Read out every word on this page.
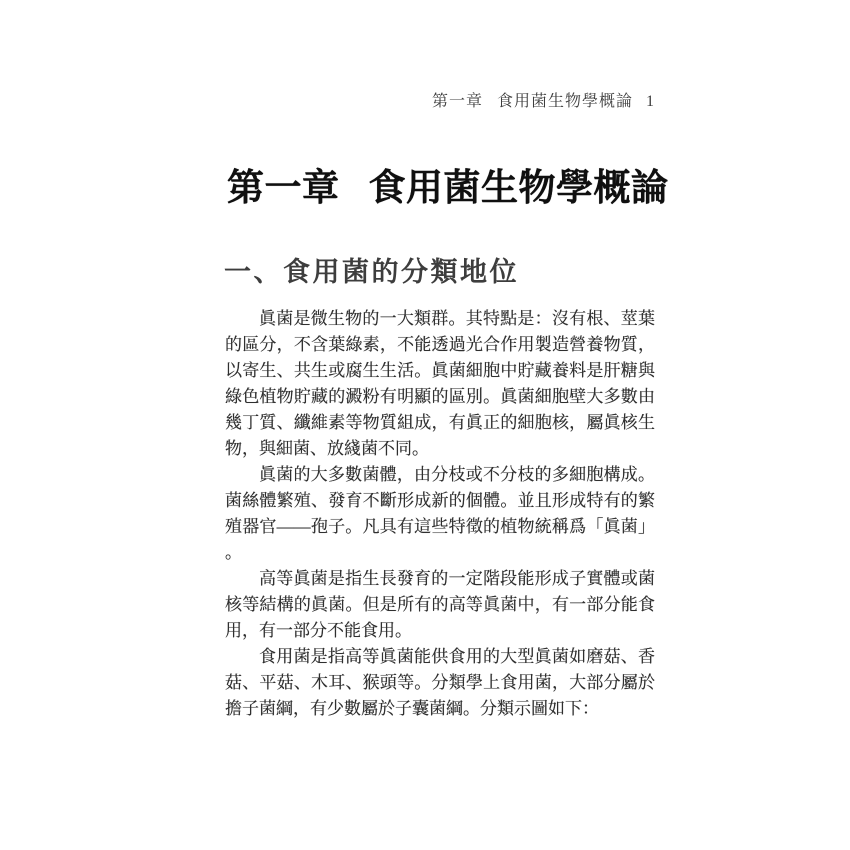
第一章 食用菌生物學概論 1
第一章 食用菌生物學概論
一、食用菌的分類地位
眞菌是微生物的一大類群。其特點是：沒有根、莖葉
的區分，不含葉綠素，不能透過光合作用製造營養物質，
以寄生、共生或腐生生活。眞菌細胞中貯藏養料是肝糖與
綠色植物貯藏的澱粉有明顯的區別。眞菌細胞壁大多數由
幾丁質、纖維素等物質組成，有眞正的細胞核，屬眞核生
物，與細菌、放綫菌不同。
眞菌的大多數菌體，由分枝或不分枝的多細胞構成。
菌絲體繁殖、發育不斷形成新的個體。並且形成特有的繁
殖器官——孢子。凡具有這些特徵的植物統稱爲「眞菌」
。
高等眞菌是指生長發育的一定階段能形成子實體或菌
核等結構的眞菌。但是所有的高等眞菌中，有一部分能食
用，有一部分不能食用。
食用菌是指高等眞菌能供食用的大型眞菌如磨菇、香
菇、平菇、木耳、猴頭等。分類學上食用菌，大部分屬於
擔子菌綱，有少數屬於子囊菌綱。分類示圖如下：
